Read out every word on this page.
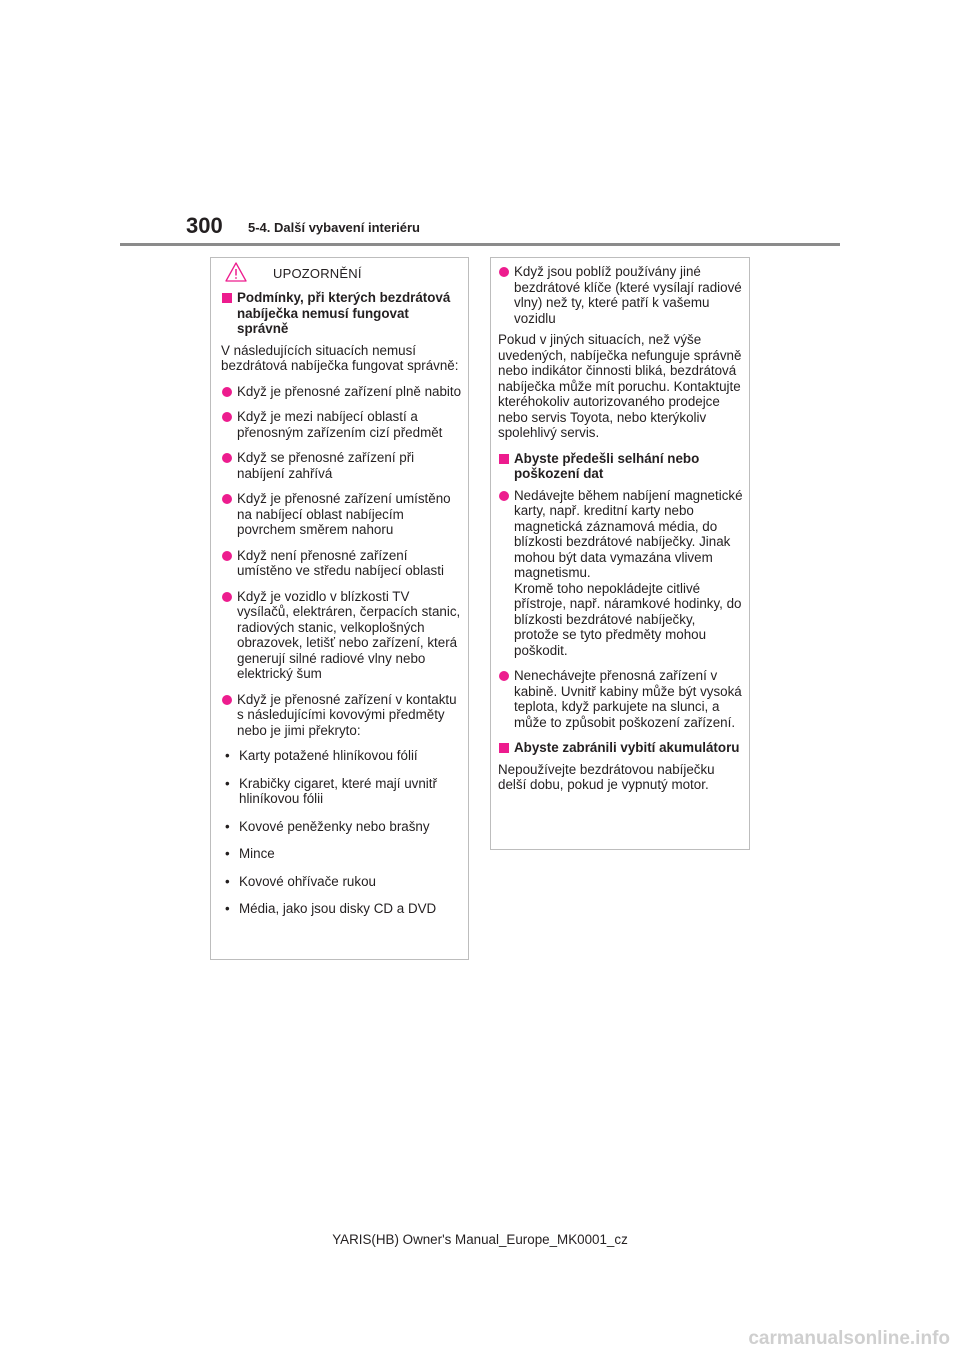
300 5-4. Další vybavení interiéru
UPOZORNĚNÍ
Podmínky, při kterých bezdrátová nabíječka nemusí fungovat správně
V následujících situacích nemusí bezdrátová nabíječka fungovat správně:
Když je přenosné zařízení plně nabito
Když je mezi nabíjecí oblastí a přenosným zařízením cizí předmět
Když se přenosné zařízení při nabíjení zahřívá
Když je přenosné zařízení umístěno na nabíjecí oblast nabíjecím povrchem směrem nahoru
Když není přenosné zařízení umístěno ve středu nabíjecí oblasti
Když je vozidlo v blízkosti TV vysílačů, elektráren, čerpacích stanic, radiových stanic, velkoplošných obrazovek, letišť nebo zařízení, která generují silné radiové vlny nebo elektrický šum
Když je přenosné zařízení v kontaktu s následujícími kovovými předměty nebo je jimi překryto:
• Karty potažené hliníkovou fólií
• Krabičky cigaret, které mají uvnitř hliníkovou fólii
• Kovové peněženky nebo brašny
• Mince
• Kovové ohřívače rukou
• Média, jako jsou disky CD a DVD
Když jsou poblíž používány jiné bezdrátové klíče (které vysílají radiové vlny) než ty, které patří k vašemu vozidlu
Pokud v jiných situacích, než výše uvedených, nabíječka nefunguje správně nebo indikátor činnosti bliká, bezdrátová nabíječka může mít poruchu. Kontaktujte kteréhokoliv autorizovaného prodejce nebo servis Toyota, nebo kterýkoliv spolehlivý servis.
Abyste předešli selhání nebo poškození dat
Nedávejte během nabíjení magnetické karty, např. kreditní karty nebo magnetická záznamová média, do blízkosti bezdrátové nabíječky. Jinak mohou být data vymazána vlivem magnetismu.
Kromě toho nepokládejte citlivé přístroje, např. náramkové hodinky, do blízkosti bezdrátové nabíječky, protože se tyto předměty mohou poškodit.
Nenechávejte přenosná zařízení v kabině. Uvnitř kabiny může být vysoká teplota, když parkujete na slunci, a může to způsobit poškození zařízení.
Abyste zabránili vybití akumulátoru
Nepoužívejte bezdrátovou nabíječku delší dobu, pokud je vypnutý motor.
YARIS(HB) Owner's Manual_Europe_MK0001_cz
carmanualsonline.info
